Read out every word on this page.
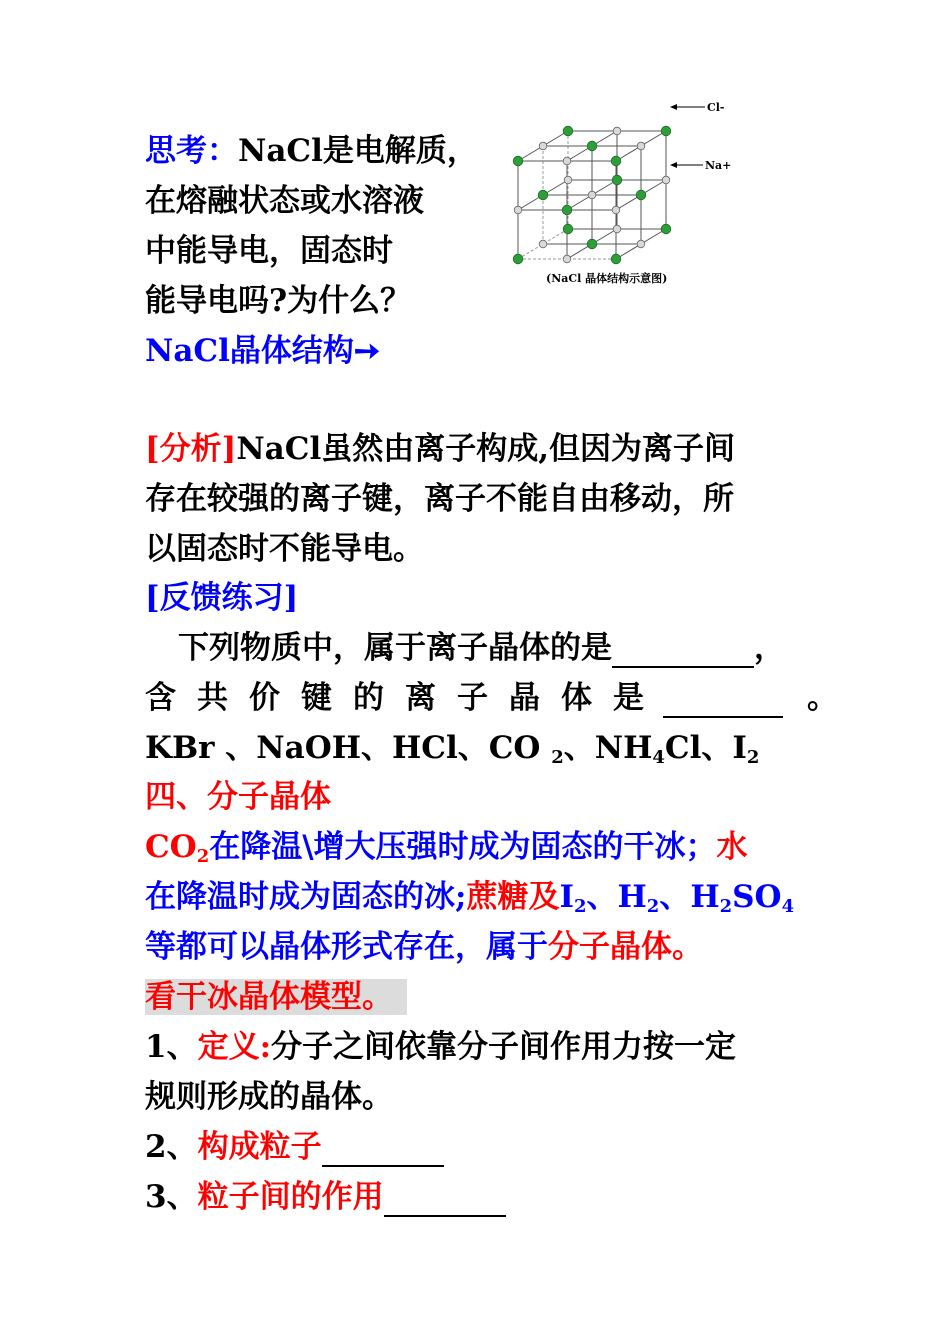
思考：NaCl是电解质，
在熔融状态或水溶液
中能导电，固态时
能导电吗?为什么？
NaCl晶体结构➙
Cl-
Na+
(NaCl 晶体结构示意图)
[分析]NaCl虽然由离子构成,但因为离子间
存在较强的离子键，离子不能自由移动，所
以固态时不能导电。
[反馈练习]
下列物质中，属于离子晶体的是	，
含共价键的离子晶体是	。
KBr 、NaOH、HCl、CO $_2$、$NH_4Cl$、$I_2$
四、分子晶体
$CO_2$在降温\增大压强时成为固态的干冰；水
在降温时成为固态的冰;蔗糖及$I_2$、$H_2$、$H_2SO_4$
等都可以晶体形式存在，属于分子晶体。
看干冰晶体模型。
1、定义:分子之间依靠分子间作用力按一定
规则形成的晶体。
2、构成粒子
3、粒子间的作用
